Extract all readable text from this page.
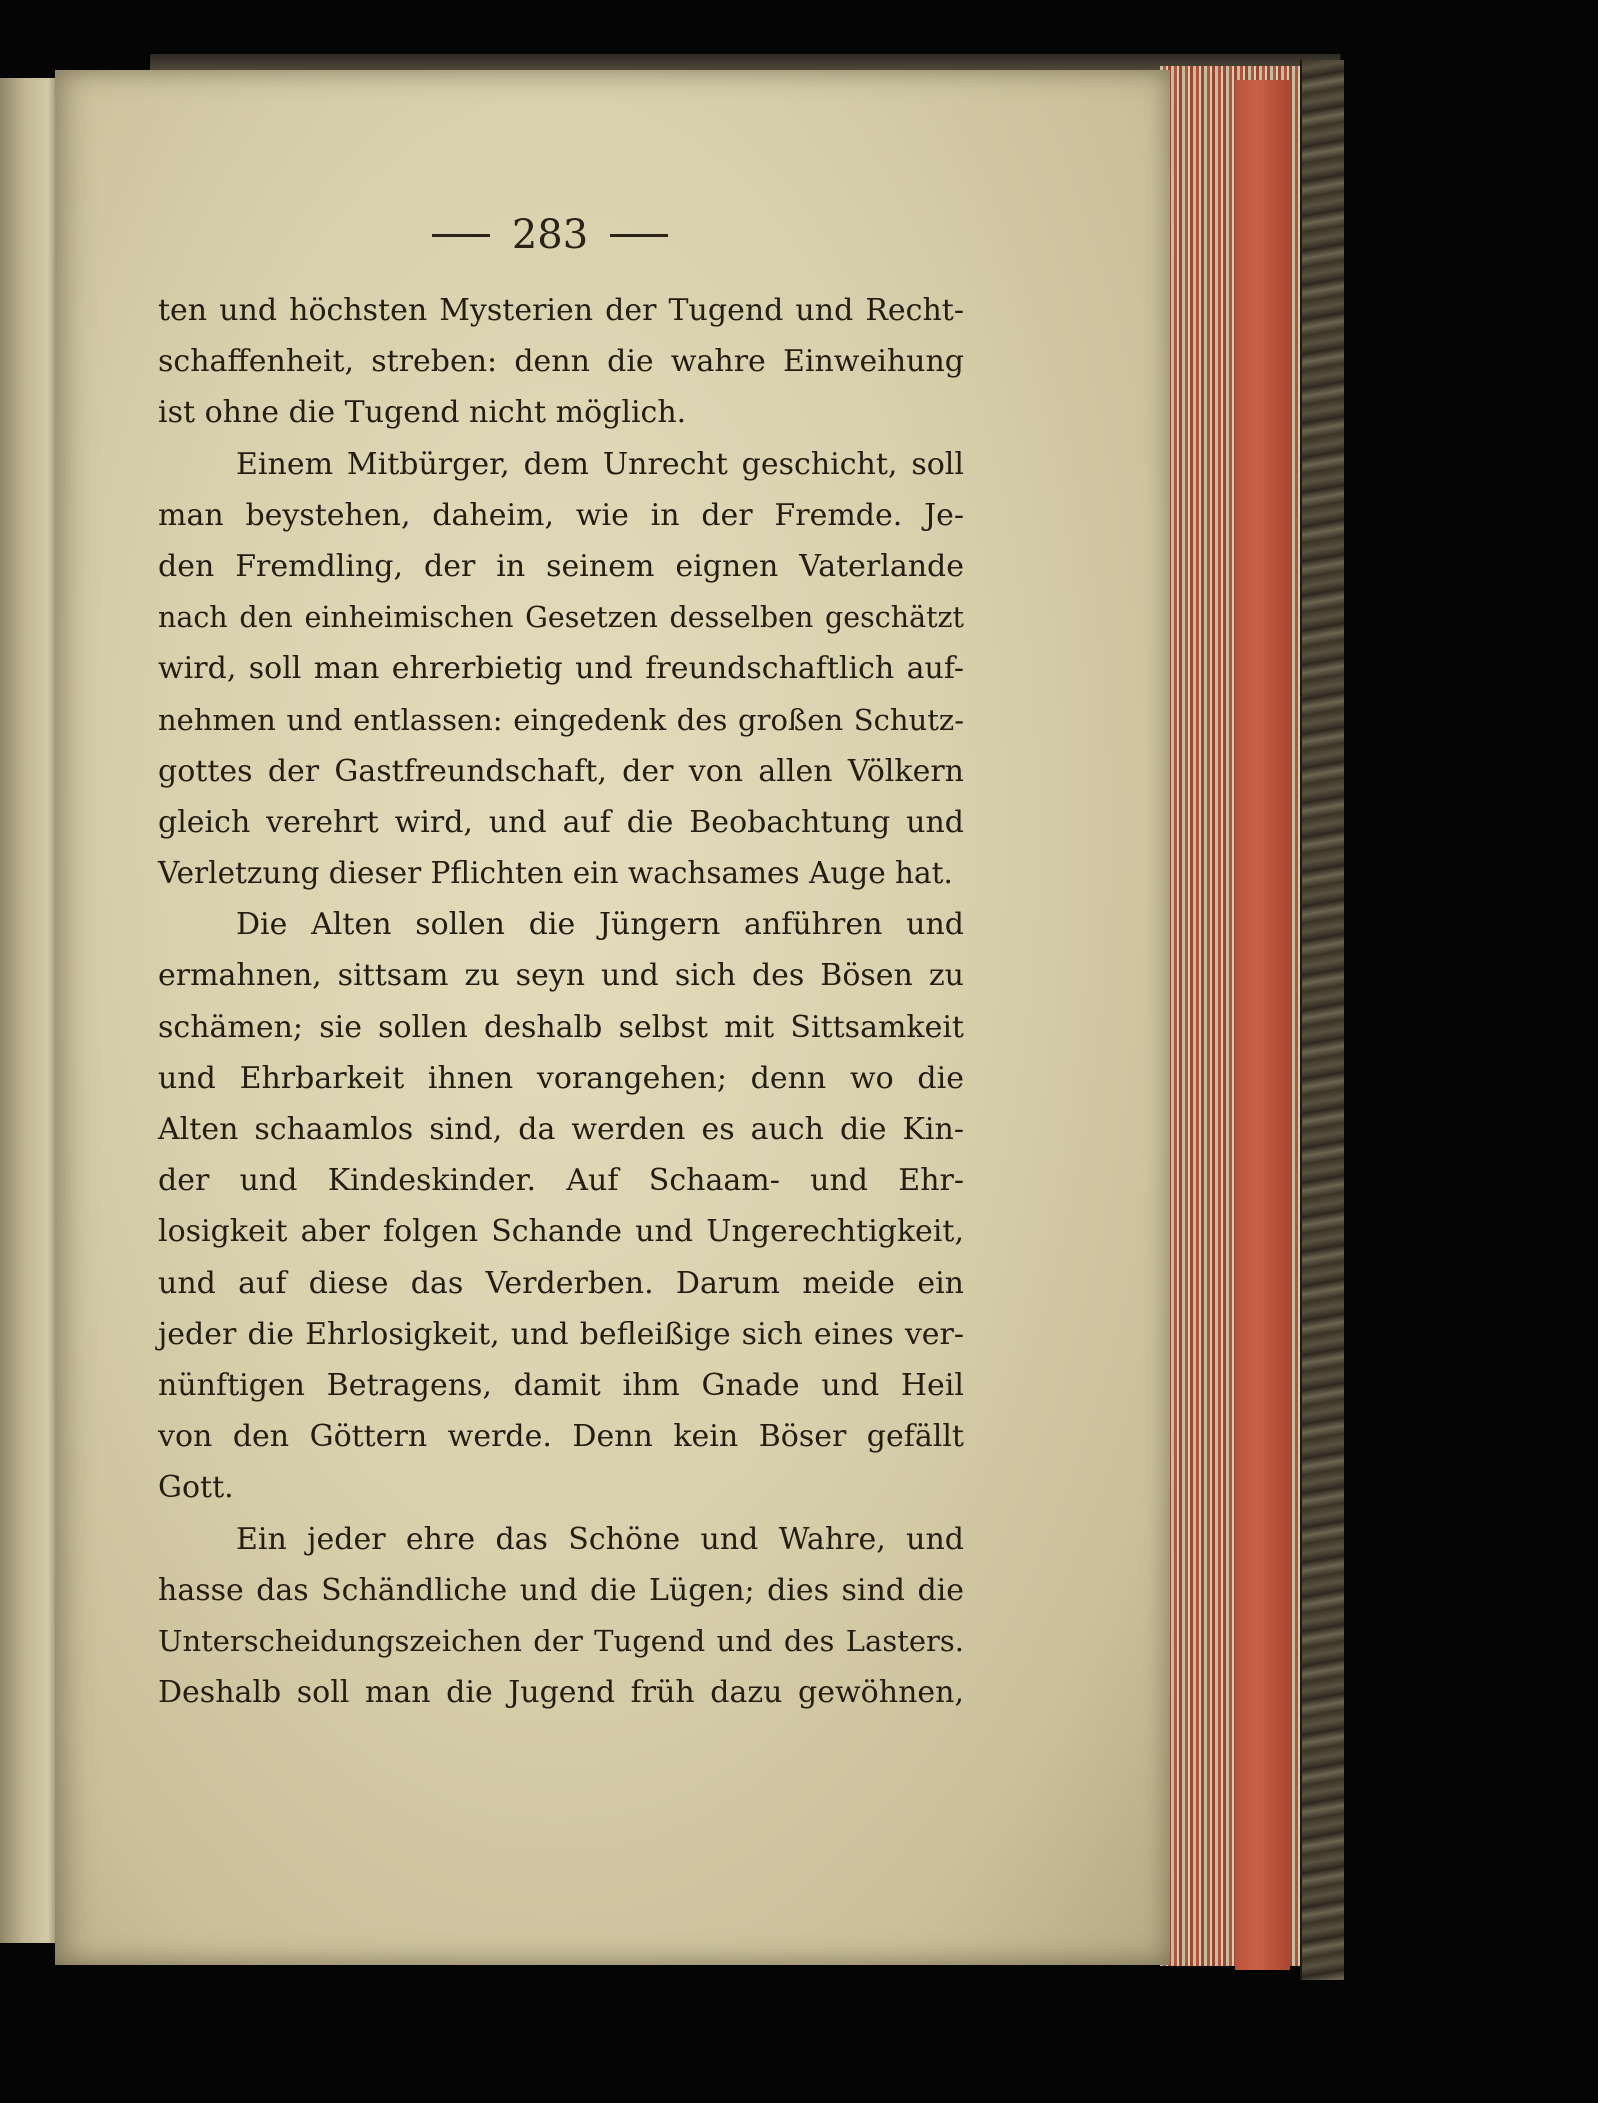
283
ten und höchsten Mysterien der Tugend und Recht-
schaffenheit, streben: denn die wahre Einweihung
ist ohne die Tugend nicht möglich.
Einem Mitbürger, dem Unrecht geschicht, soll
man beystehen, daheim, wie in der Fremde. Je-
den Fremdling, der in seinem eignen Vaterlande
nach den einheimischen Gesetzen desselben geschätzt
wird, soll man ehrerbietig und freundschaftlich auf-
nehmen und entlassen: eingedenk des großen Schutz-
gottes der Gastfreundschaft, der von allen Völkern
gleich verehrt wird, und auf die Beobachtung und
Verletzung dieser Pflichten ein wachsames Auge hat.
Die Alten sollen die Jüngern anführen und
ermahnen, sittsam zu seyn und sich des Bösen zu
schämen; sie sollen deshalb selbst mit Sittsamkeit
und Ehrbarkeit ihnen vorangehen; denn wo die
Alten schaamlos sind, da werden es auch die Kin-
der und Kindeskinder. Auf Schaam- und Ehr-
losigkeit aber folgen Schande und Ungerechtigkeit,
und auf diese das Verderben. Darum meide ein
jeder die Ehrlosigkeit, und befleißige sich eines ver-
nünftigen Betragens, damit ihm Gnade und Heil
von den Göttern werde. Denn kein Böser gefällt
Gott.
Ein jeder ehre das Schöne und Wahre, und
hasse das Schändliche und die Lügen; dies sind die
Unterscheidungszeichen der Tugend und des Lasters.
Deshalb soll man die Jugend früh dazu gewöhnen,
